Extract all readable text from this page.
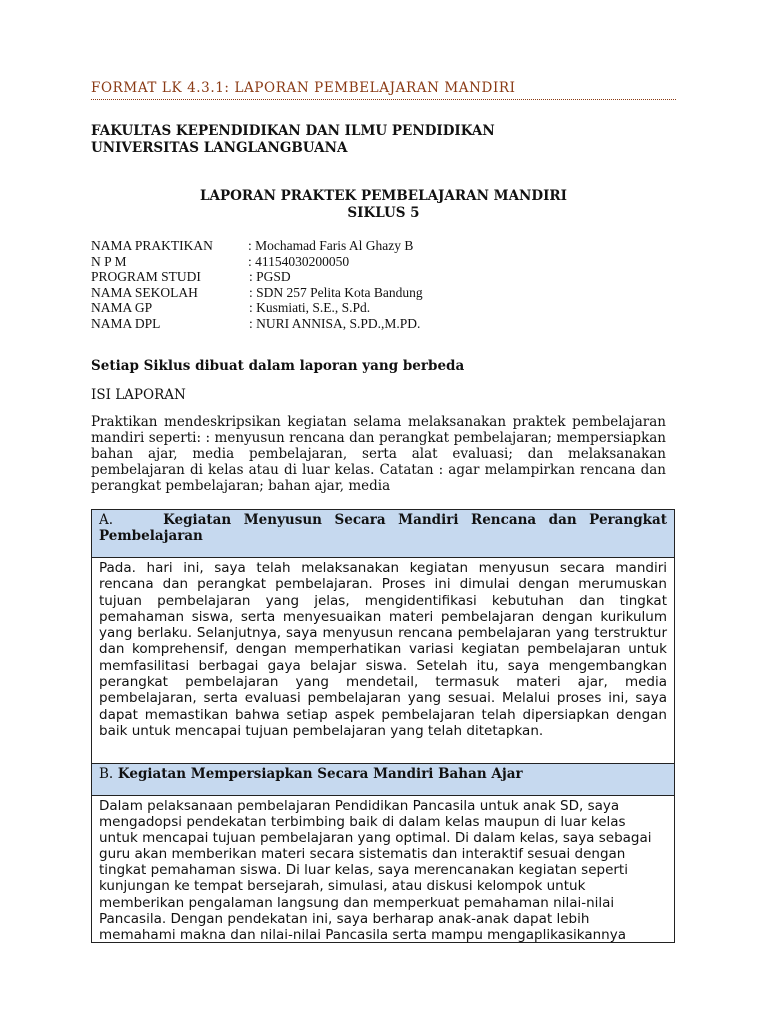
FORMAT LK 4.3.1: LAPORAN PEMBELAJARAN MANDIRI
FAKULTAS KEPENDIDIKAN DAN ILMU PENDIDIKAN
UNIVERSITAS LANGLANGBUANA
LAPORAN PRAKTEK PEMBELAJARAN MANDIRI
SIKLUS 5
NAMA PRAKTIKAN	: Mochamad Faris Al Ghazy B
N P M	: 41154030200050
PROGRAM STUDI	: PGSD
NAMA SEKOLAH	: SDN 257 Pelita Kota Bandung
NAMA GP	: Kusmiati, S.E., S.Pd.
NAMA DPL	: NURI ANNISA, S.PD.,M.PD.
Setiap Siklus dibuat dalam laporan yang berbeda
ISI LAPORAN
Praktikan mendeskripsikan kegiatan selama melaksanakan praktek pembelajaran mandiri seperti: : menyusun rencana dan perangkat pembelajaran; mempersiapkan bahan ajar, media pembelajaran, serta alat evaluasi; dan melaksanakan pembelajaran di kelas atau di luar kelas. Catatan : agar melampirkan rencana dan perangkat pembelajaran; bahan ajar, media
A.	Kegiatan Menyusun Secara Mandiri Rencana dan Perangkat Pembelajaran
Pada. hari ini, saya telah melaksanakan kegiatan menyusun secara mandiri rencana dan perangkat pembelajaran. Proses ini dimulai dengan merumuskan tujuan pembelajaran yang jelas, mengidentifikasi kebutuhan dan tingkat pemahaman siswa, serta menyesuaikan materi pembelajaran dengan kurikulum yang berlaku. Selanjutnya, saya menyusun rencana pembelajaran yang terstruktur dan komprehensif, dengan memperhatikan variasi kegiatan pembelajaran untuk memfasilitasi berbagai gaya belajar siswa. Setelah itu, saya mengembangkan perangkat pembelajaran yang mendetail, termasuk materi ajar, media pembelajaran, serta evaluasi pembelajaran yang sesuai. Melalui proses ini, saya dapat memastikan bahwa setiap aspek pembelajaran telah dipersiapkan dengan baik untuk mencapai tujuan pembelajaran yang telah ditetapkan.
B. Kegiatan Mempersiapkan Secara Mandiri Bahan Ajar
Dalam pelaksanaan pembelajaran Pendidikan Pancasila untuk anak SD, saya mengadopsi pendekatan terbimbing baik di dalam kelas maupun di luar kelas untuk mencapai tujuan pembelajaran yang optimal. Di dalam kelas, saya sebagai guru akan memberikan materi secara sistematis dan interaktif sesuai dengan tingkat pemahaman siswa. Di luar kelas, saya merencanakan kegiatan seperti kunjungan ke tempat bersejarah, simulasi, atau diskusi kelompok untuk memberikan pengalaman langsung dan memperkuat pemahaman nilai-nilai Pancasila. Dengan pendekatan ini, saya berharap anak-anak dapat lebih memahami makna dan nilai-nilai Pancasila serta mampu mengaplikasikannya
